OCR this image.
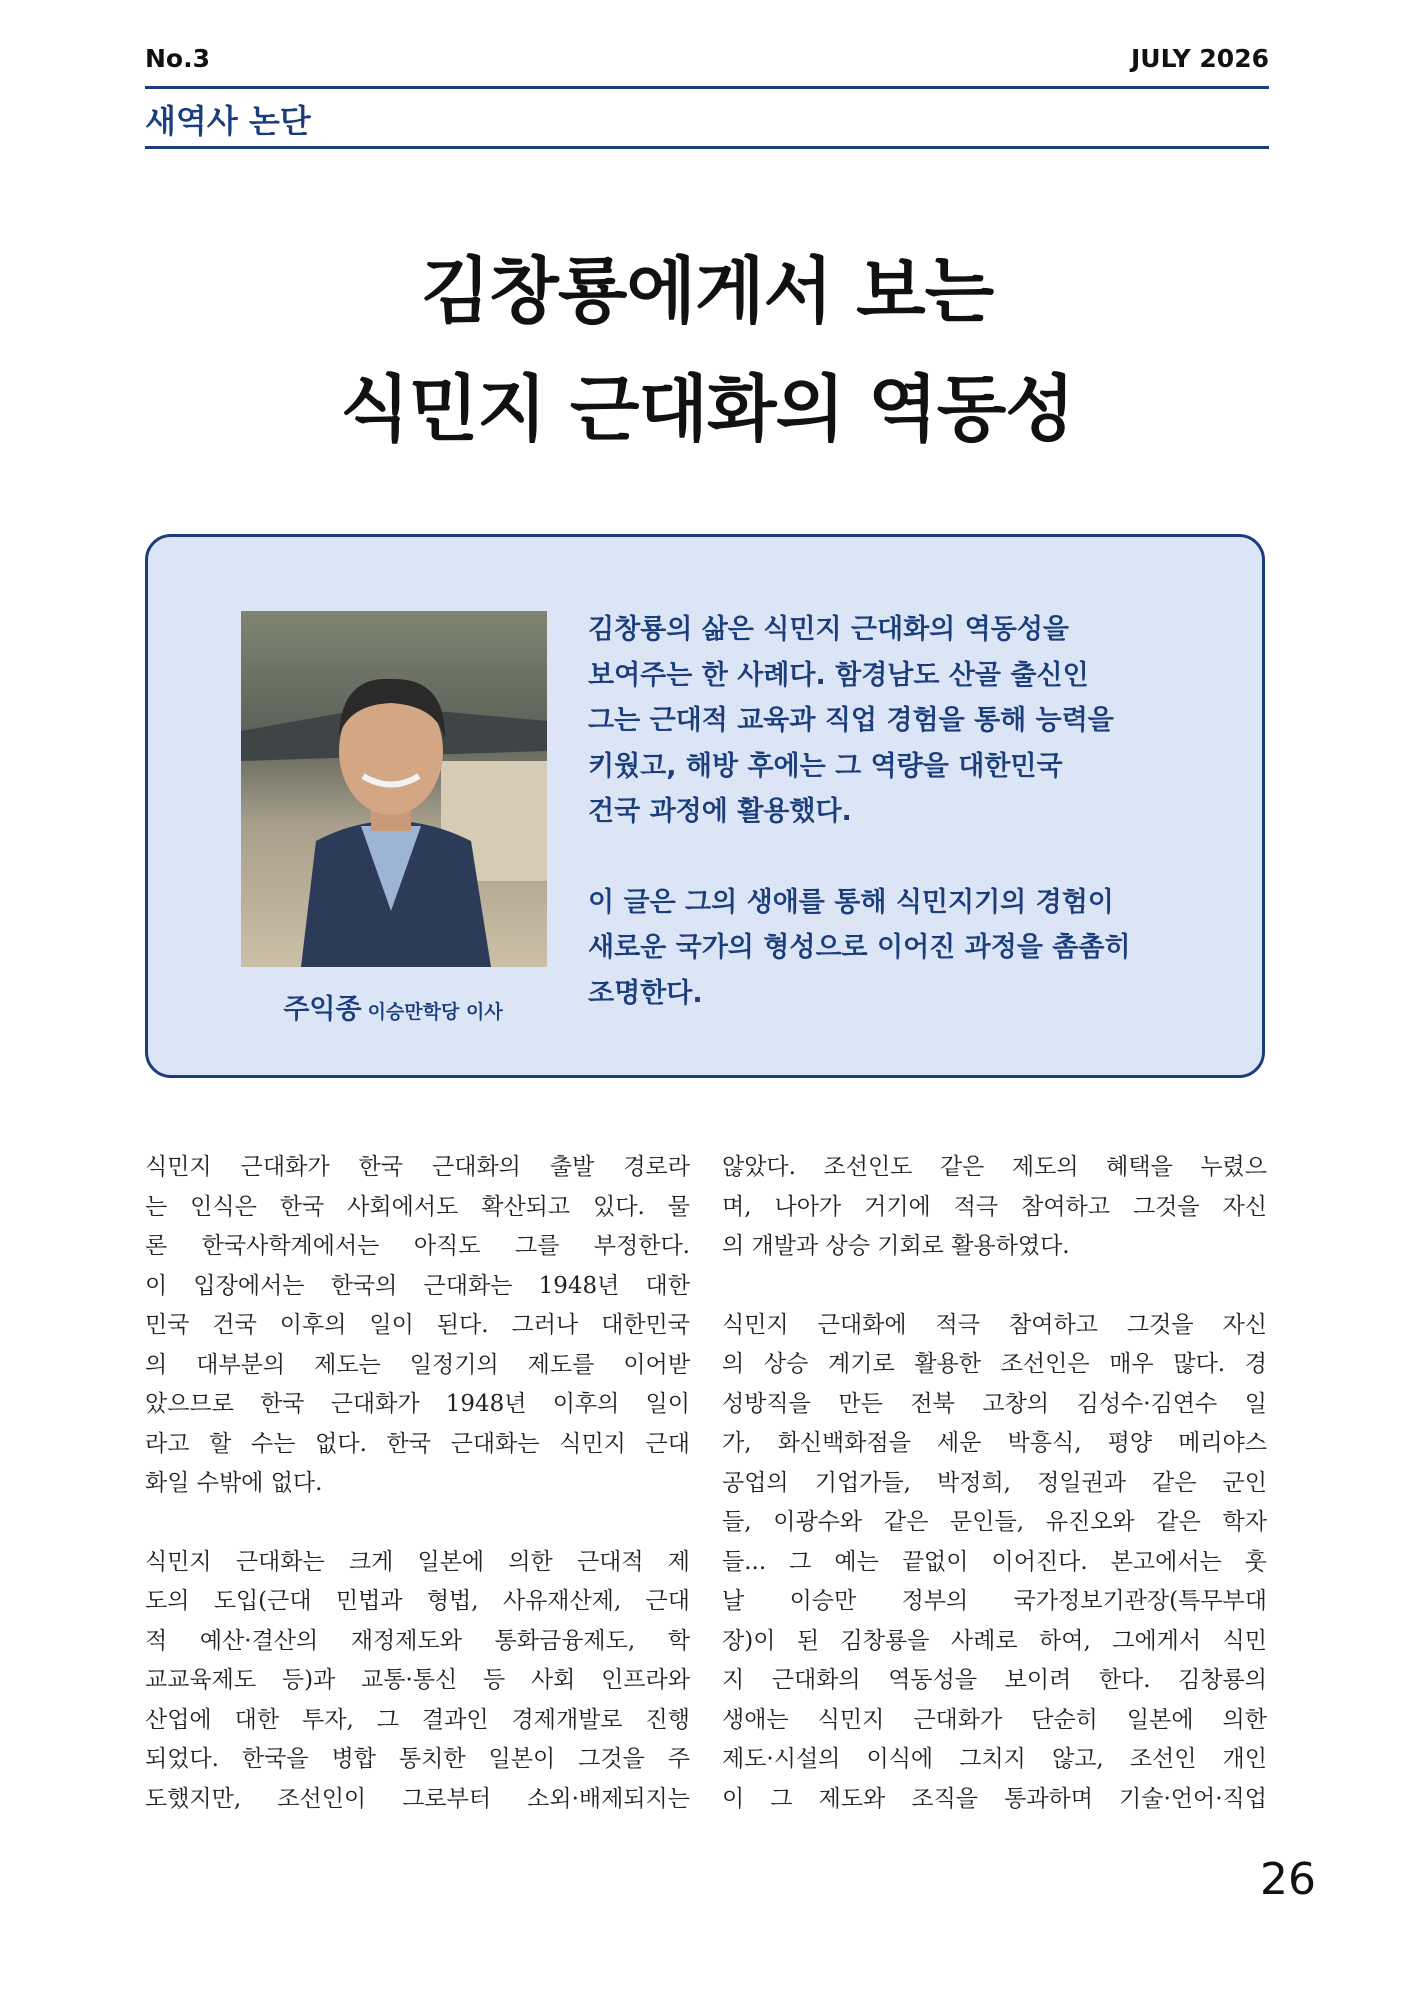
No.3	JULY 2026
새역사 논단
김창룡에게서 보는
식민지 근대화의 역동성
주익종 이승만학당 이사
김창룡의 삶은 식민지 근대화의 역동성을
보여주는 한 사례다. 함경남도 산골 출신인
그는 근대적 교육과 직업 경험을 통해 능력을
키웠고, 해방 후에는 그 역량을 대한민국
건국 과정에 활용했다.
이 글은 그의 생애를 통해 식민지기의 경험이
새로운 국가의 형성으로 이어진 과정을 촘촘히
조명한다.
식민지 근대화가 한국 근대화의 출발 경로라
는 인식은 한국 사회에서도 확산되고 있다. 물
론 한국사학계에서는 아직도 그를 부정한다.
이 입장에서는 한국의 근대화는 1948년 대한
민국 건국 이후의 일이 된다. 그러나 대한민국
의 대부분의 제도는 일정기의 제도를 이어받
았으므로 한국 근대화가 1948년 이후의 일이
라고 할 수는 없다. 한국 근대화는 식민지 근대
화일 수밖에 없다.
식민지 근대화는 크게 일본에 의한 근대적 제
도의 도입(근대 민법과 형법, 사유재산제, 근대
적 예산·결산의 재정제도와 통화금융제도, 학
교교육제도 등)과 교통·통신 등 사회 인프라와
산업에 대한 투자, 그 결과인 경제개발로 진행
되었다. 한국을 병합 통치한 일본이 그것을 주
도했지만, 조선인이 그로부터 소외·배제되지는
않았다. 조선인도 같은 제도의 혜택을 누렸으
며, 나아가 거기에 적극 참여하고 그것을 자신
의 개발과 상승 기회로 활용하였다.
식민지 근대화에 적극 참여하고 그것을 자신
의 상승 계기로 활용한 조선인은 매우 많다. 경
성방직을 만든 전북 고창의 김성수·김연수 일
가, 화신백화점을 세운 박흥식, 평양 메리야스
공업의 기업가들, 박정희, 정일권과 같은 군인
들, 이광수와 같은 문인들, 유진오와 같은 학자
들... 그 예는 끝없이 이어진다. 본고에서는 훗
날 이승만 정부의 국가정보기관장(특무부대
장)이 된 김창룡을 사례로 하여, 그에게서 식민
지 근대화의 역동성을 보이려 한다. 김창룡의
생애는 식민지 근대화가 단순히 일본에 의한
제도·시설의 이식에 그치지 않고, 조선인 개인
이 그 제도와 조직을 통과하며 기술·언어·직업
26
